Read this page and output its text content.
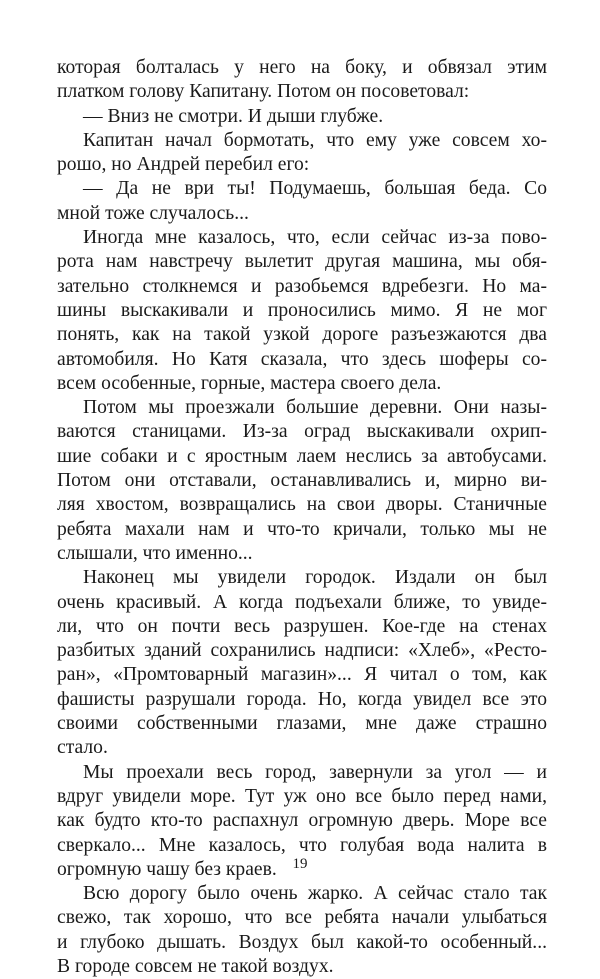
которая болталась у него на боку, и обвязал этим
платком голову Капитану. Потом он посоветовал:
— Вниз не смотри. И дыши глубже.
Капитан начал бормотать, что ему уже совсем хо-
рошо, но Андрей перебил его:
— Да не ври ты! Подумаешь, большая беда. Со
мной тоже случалось...
Иногда мне казалось, что, если сейчас из-за пово-
рота нам навстречу вылетит другая машина, мы обя-
зательно столкнемся и разобьемся вдребезги. Но ма-
шины выскакивали и проносились мимо. Я не мог
понять, как на такой узкой дороге разъезжаются два
автомобиля. Но Катя сказала, что здесь шоферы со-
всем особенные, горные, мастера своего дела.
Потом мы проезжали большие деревни. Они назы-
ваются станицами. Из-за оград выскакивали охрип-
шие собаки и с яростным лаем неслись за автобусами.
Потом они отставали, останавливались и, мирно ви-
ляя хвостом, возвращались на свои дворы. Станичные
ребята махали нам и что-то кричали, только мы не
слышали, что именно...
Наконец мы увидели городок. Издали он был
очень красивый. А когда подъехали ближе, то увиде-
ли, что он почти весь разрушен. Кое-где на стенах
разбитых зданий сохранились надписи: «Хлеб», «Ресто-
ран», «Промтоварный магазин»... Я читал о том, как
фашисты разрушали города. Но, когда увидел все это
своими собственными глазами, мне даже страшно
стало.
Мы проехали весь город, завернули за угол — и
вдруг увидели море. Тут уж оно все было перед нами,
как будто кто-то распахнул огромную дверь. Море все
сверкало... Мне казалось, что голубая вода налита в
огромную чашу без краев.
Всю дорогу было очень жарко. А сейчас стало так
свежо, так хорошо, что все ребята начали улыбаться
и глубоко дышать. Воздух был какой-то особенный...
В городе совсем не такой воздух.
19
